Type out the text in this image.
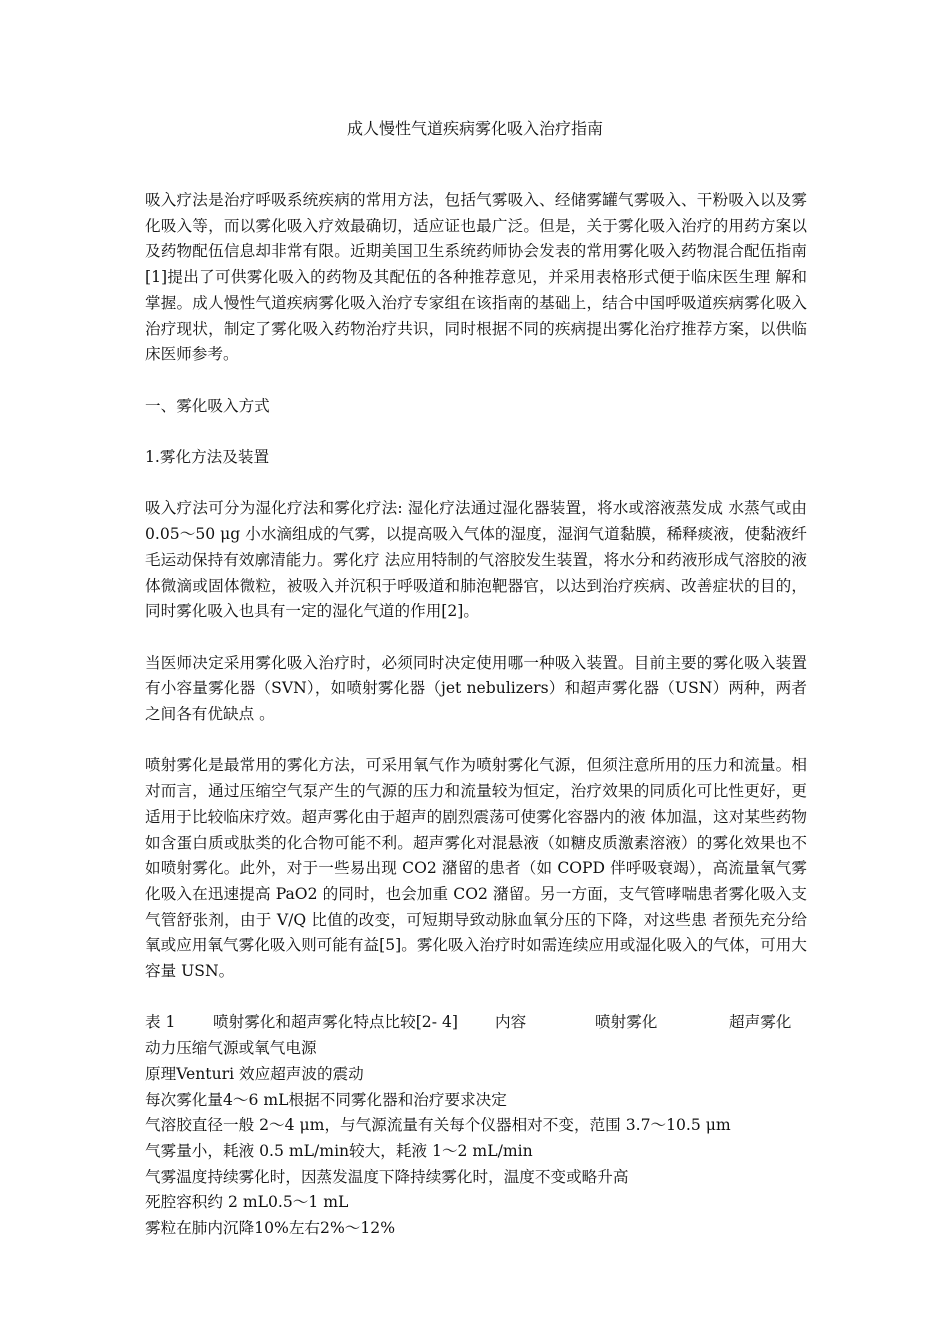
成人慢性气道疾病雾化吸入治疗指南

吸入疗法是治疗呼吸系统疾病的常用方法，包括气雾吸入、经储雾罐气雾吸入、干粉吸入以及雾化吸入等，而以雾化吸入疗效最确切，适应证也最广泛。但是，关于雾化吸入治疗的用药方案以及药物配伍信息却非常有限。近期美国卫生系统药师协会发表的常用雾化吸入药物混合配伍指南[1]提出了可供雾化吸入的药物及其配伍的各种推荐意见，并采用表格形式便于临床医生理 解和掌握。成人慢性气道疾病雾化吸入治疗专家组在该指南的基础上，结合中国呼吸道疾病雾化吸入治疗现状，制定了雾化吸入药物治疗共识，同时根据不同的疾病提出雾化治疗推荐方案，以供临床医师参考。

一、雾化吸入方式

1.雾化方法及装置

吸入疗法可分为湿化疗法和雾化疗法: 湿化疗法通过湿化器装置，将水或溶液蒸发成 水蒸气或由 0.05～50 μg 小水滴组成的气雾，以提高吸入气体的湿度，湿润气道黏膜，稀释痰液，使黏液纤毛运动保持有效廓清能力。雾化疗 法应用特制的气溶胶发生装置，将水分和药液形成气溶胶的液体微滴或固体微粒，被吸入并沉积于呼吸道和肺泡靶器官，以达到治疗疾病、改善症状的目的，同时雾化吸入也具有一定的湿化气道的作用[2]。

当医师决定采用雾化吸入治疗时，必须同时决定使用哪一种吸入装置。目前主要的雾化吸入装置有小容量雾化器（SVN），如喷射雾化器（jet nebulizers）和超声雾化器（USN）两种，两者之间各有优缺点 。

喷射雾化是最常用的雾化方法，可采用氧气作为喷射雾化气源，但须注意所用的压力和流量。相对而言，通过压缩空气泵产生的气源的压力和流量较为恒定，治疗效果的同质化可比性更好，更适用于比较临床疗效。超声雾化由于超声的剧烈震荡可使雾化容器内的液 体加温，这对某些药物如含蛋白质或肽类的化合物可能不利。超声雾化对混悬液（如糖皮质激素溶液）的雾化效果也不如喷射雾化。此外，对于一些易出现 CO2 潴留的患者（如 COPD 伴呼吸衰竭），高流量氧气雾化吸入在迅速提高 PaO2 的同时，也会加重 CO2 潴留。另一方面，支气管哮喘患者雾化吸入支气管舒张剂，由于 V/Q 比值的改变，可短期导致动脉血氧分压的下降，对这些患 者预先充分给氧或应用氧气雾化吸入则可能有益[5]。雾化吸入治疗时如需连续应用或湿化吸入的气体，可用大容量 USN。

表 1 喷射雾化和超声雾化特点比较[2- 4] 内容	喷射雾化	超声雾化

动力压缩气源或氧气电源

原理Venturi 效应超声波的震动

每次雾化量4～6 mL根据不同雾化器和治疗要求决定

气溶胶直径一般 2～4 μm，与气源流量有关每个仪器相对不变，范围 3.7～10.5 μm

气雾量小，耗液 0.5 mL/min较大，耗液 1～2 mL/min

气雾温度持续雾化时，因蒸发温度下降持续雾化时，温度不变或略升高

死腔容积约 2 mL0.5～1 mL

雾粒在肺内沉降10%左右2%～12%
